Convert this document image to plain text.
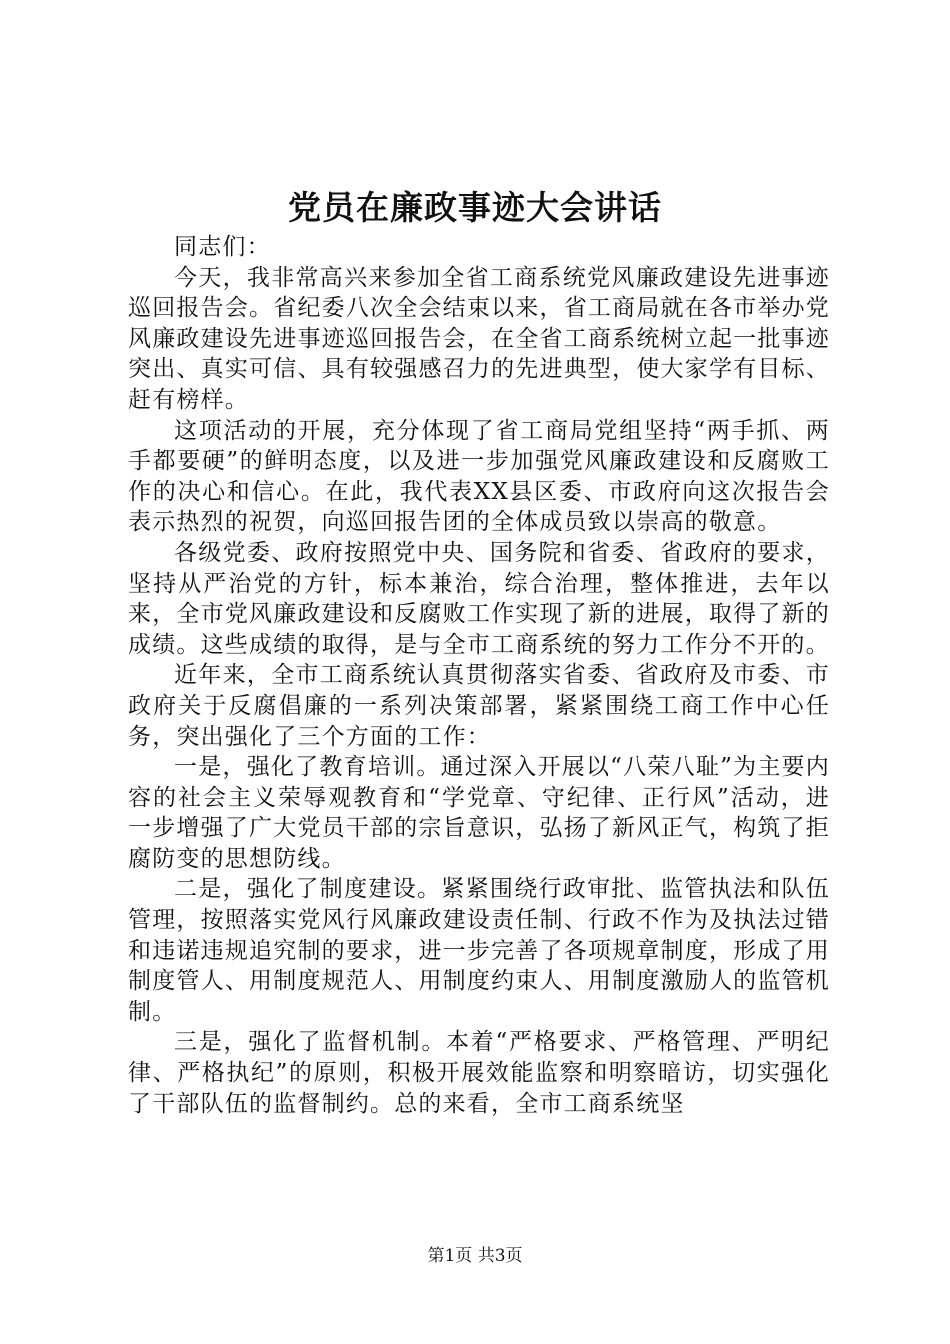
党员在廉政事迹大会讲话

同志们：

今天，我非常高兴来参加全省工商系统党风廉政建设先进事迹巡回报告会。省纪委八次全会结束以来，省工商局就在各市举办党风廉政建设先进事迹巡回报告会，在全省工商系统树立起一批事迹突出、真实可信、具有较强感召力的先进典型，使大家学有目标、赶有榜样。

这项活动的开展，充分体现了省工商局党组坚持“两手抓、两手都要硬”的鲜明态度，以及进一步加强党风廉政建设和反腐败工作的决心和信心。在此，我代表XX县区委、市政府向这次报告会表示热烈的祝贺，向巡回报告团的全体成员致以崇高的敬意。

各级党委、政府按照党中央、国务院和省委、省政府的要求，坚持从严治党的方针，标本兼治，综合治理，整体推进，去年以来，全市党风廉政建设和反腐败工作实现了新的进展，取得了新的成绩。这些成绩的取得，是与全市工商系统的努力工作分不开的。

近年来，全市工商系统认真贯彻落实省委、省政府及市委、市政府关于反腐倡廉的一系列决策部署，紧紧围绕工商工作中心任务，突出强化了三个方面的工作：

一是，强化了教育培训。通过深入开展以“八荣八耻”为主要内容的社会主义荣辱观教育和“学党章、守纪律、正行风”活动，进一步增强了广大党员干部的宗旨意识，弘扬了新风正气，构筑了拒腐防变的思想防线。

二是，强化了制度建设。紧紧围绕行政审批、监管执法和队伍管理，按照落实党风行风廉政建设责任制、行政不作为及执法过错和违诺违规追究制的要求，进一步完善了各项规章制度，形成了用制度管人、用制度规范人、用制度约束人、用制度激励人的监管机制。

三是，强化了监督机制。本着“严格要求、严格管理、严明纪律、严格执纪”的原则，积极开展效能监察和明察暗访，切实强化了干部队伍的监督制约。总的来看，全市工商系统坚

第1页 共3页
